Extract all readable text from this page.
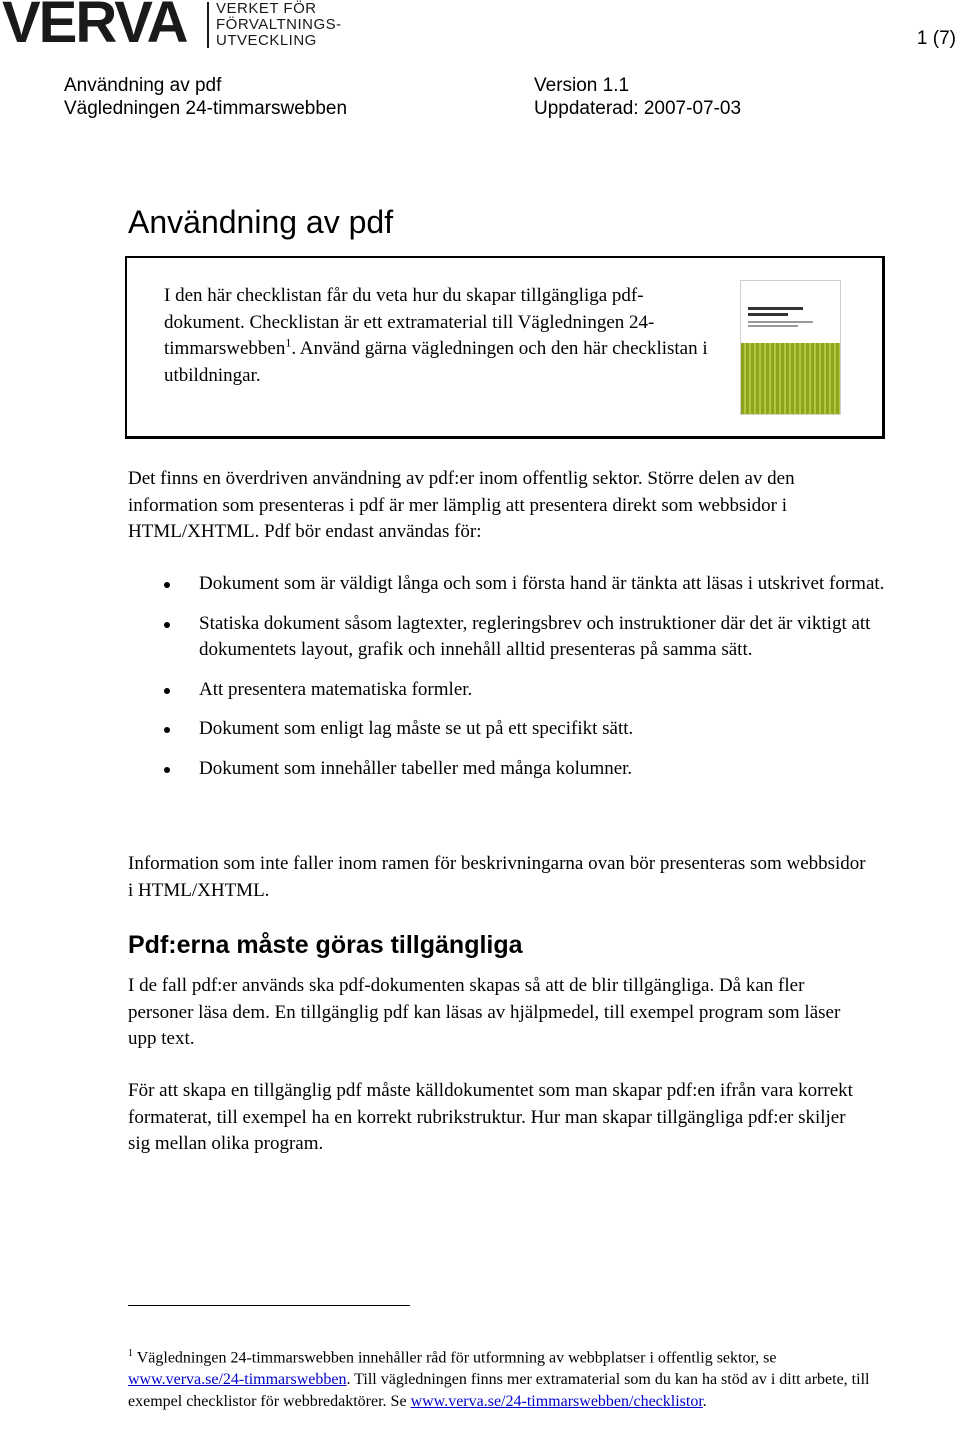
VERVA VERKET FÖR
FÖRVALTNINGS-
UTVECKLING	1 (7)
Användning av pdf	Version 1.1
Vägledningen 24-timmarswebben	Uppdaterad: 2007-07-03
Användning av pdf
I den här checklistan får du veta hur du skapar tillgängliga pdf-dokument. Checklistan är ett extramaterial till Vägledningen 24-timmarswebben$^1$. Använd gärna vägledningen och den här checklistan i utbildningar.
Det finns en överdriven användning av pdf:er inom offentlig sektor. Större delen av den information som presenteras i pdf är mer lämplig att presentera direkt som webbsidor i HTML/XHTML. Pdf bör endast användas för:
Dokument som är väldigt långa och som i första hand är tänkta att läsas i utskrivet format.
Statiska dokument såsom lagtexter, regleringsbrev och instruktioner där det är viktigt att dokumentets layout, grafik och innehåll alltid presenteras på samma sätt.
Att presentera matematiska formler.
Dokument som enligt lag måste se ut på ett specifikt sätt.
Dokument som innehåller tabeller med många kolumner.
Information som inte faller inom ramen för beskrivningarna ovan bör presenteras som webbsidor i HTML/XHTML.
Pdf:erna måste göras tillgängliga
I de fall pdf:er används ska pdf-dokumenten skapas så att de blir tillgängliga. Då kan fler personer läsa dem. En tillgänglig pdf kan läsas av hjälpmedel, till exempel program som läser upp text.
För att skapa en tillgänglig pdf måste källdokumentet som man skapar pdf:en ifrån vara korrekt formaterat, till exempel ha en korrekt rubrikstruktur. Hur man skapar tillgängliga pdf:er skiljer sig mellan olika program.
$^1$ Vägledningen 24-timmarswebben innehåller råd för utformning av webbplatser i offentlig sektor, se www.verva.se/24-timmarswebben. Till vägledningen finns mer extramaterial som du kan ha stöd av i ditt arbete, till exempel checklistor för webbredaktörer. Se www.verva.se/24-timmarswebben/checklistor.
